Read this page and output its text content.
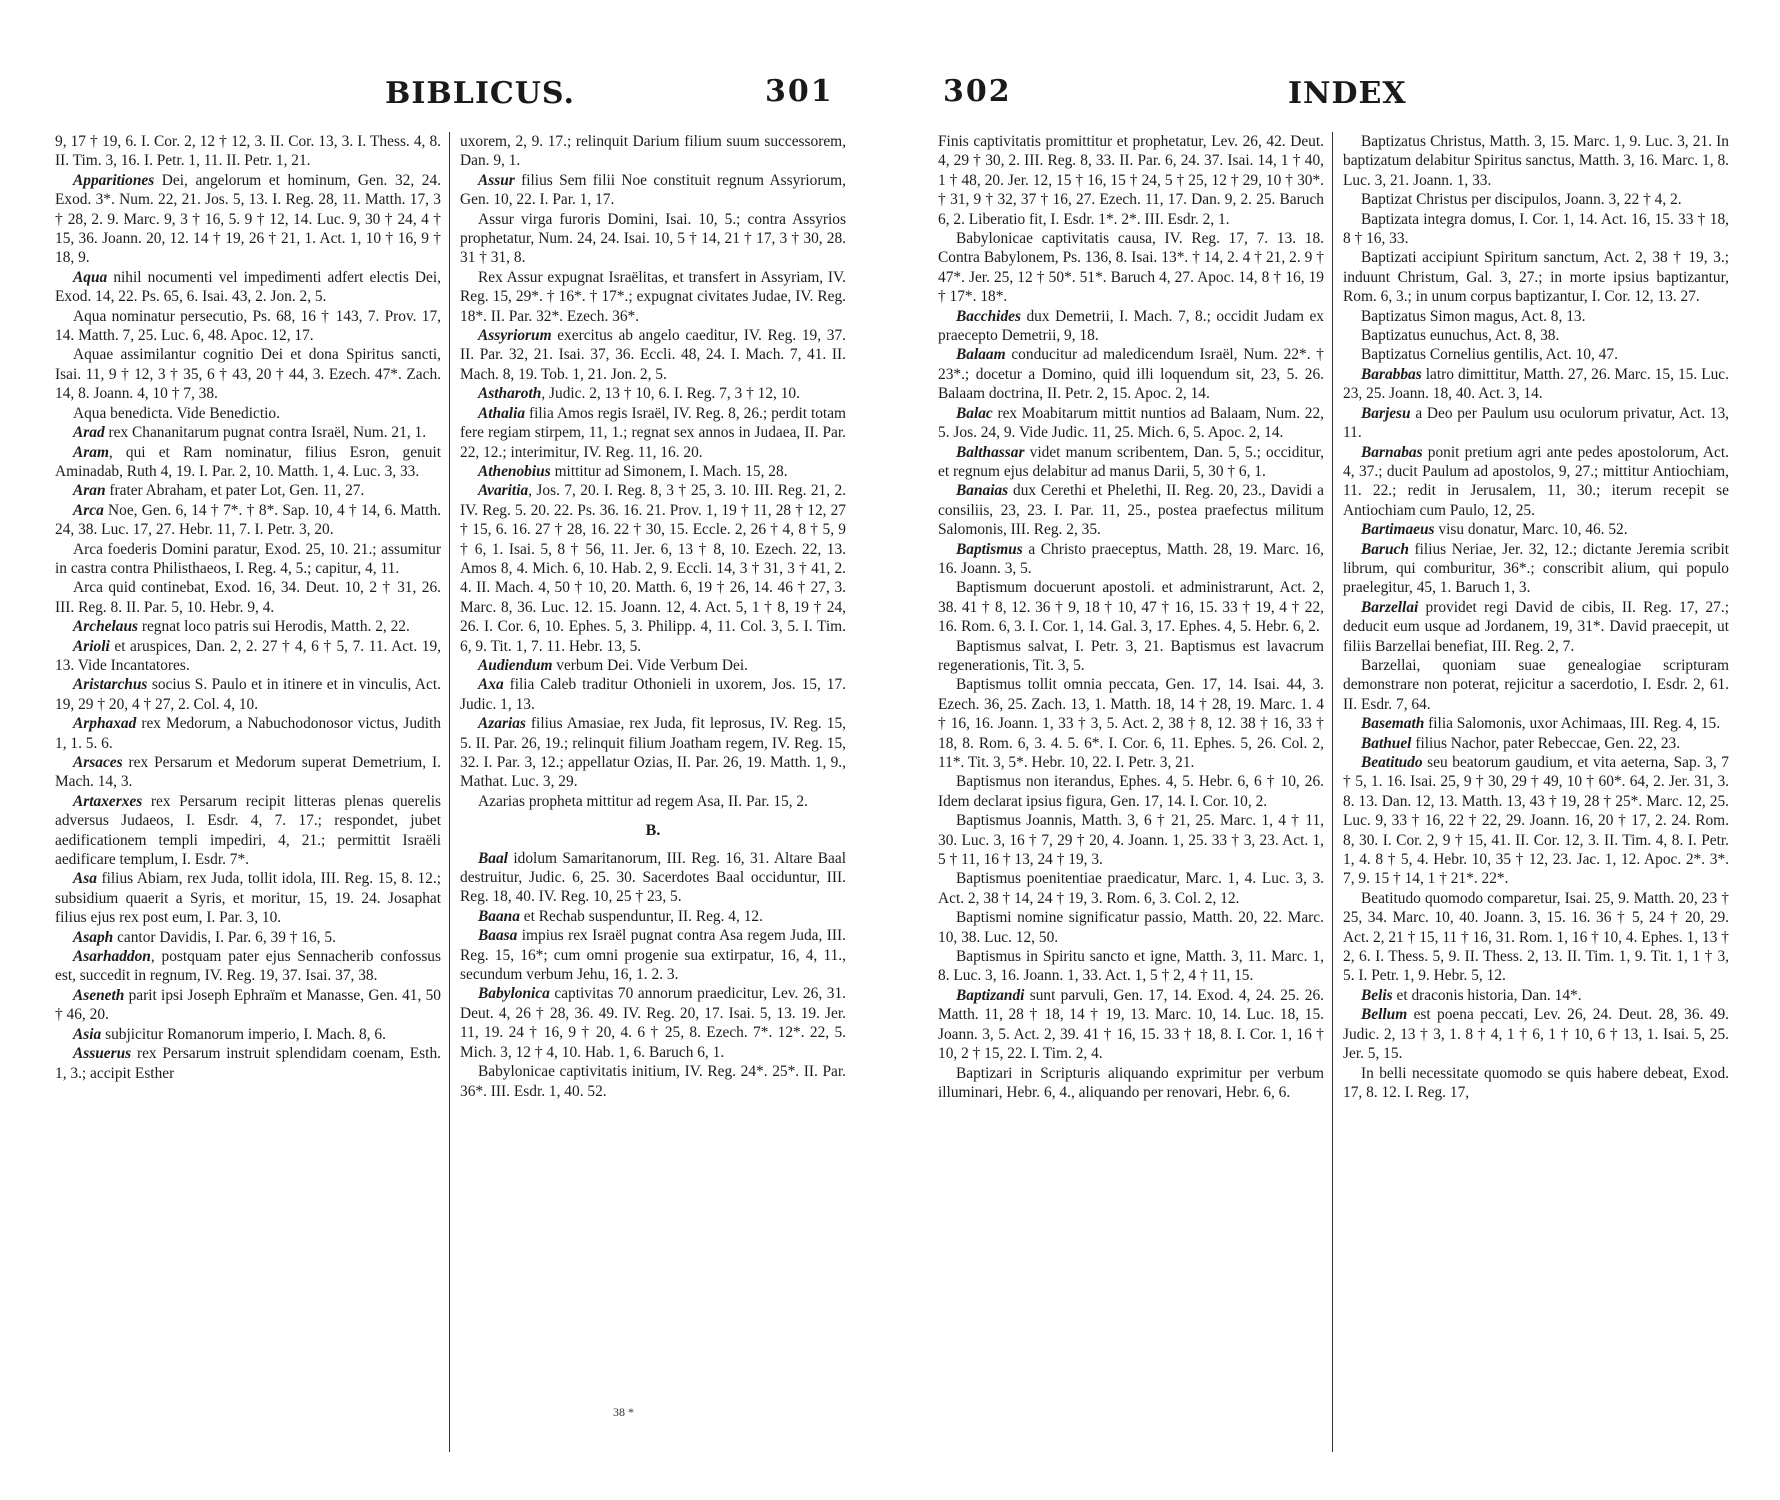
BIBLICUS.	301

9, 17 † 19, 6. I. Cor. 2, 12 † 12, 3. II. Cor. 13, 3. I. Thess. 4, 8. II. Tim. 3, 16. I. Petr. 1, 11. II. Petr. 1, 21.

Apparitiones Dei, angelorum et hominum, Gen. 32, 24. Exod. 3*. Num. 22, 21. Jos. 5, 13. I. Reg. 28, 11. Matth. 17, 3 † 28, 2. 9. Marc. 9, 3 † 16, 5. 9 † 12, 14. Luc. 9, 30 † 24, 4 † 15, 36. Joann. 20, 12. 14 † 19, 26 † 21, 1. Act. 1, 10 † 16, 9 † 18, 9.

Aqua nihil nocumenti vel impedimenti adfert electis Dei, Exod. 14, 22. Ps. 65, 6. Isai. 43, 2. Jon. 2, 5.

Aqua nominatur persecutio, Ps. 68, 16 † 143, 7. Prov. 17, 14. Matth. 7, 25. Luc. 6, 48. Apoc. 12, 17.

Aquae assimilantur cognitio Dei et dona Spiritus sancti, Isai. 11, 9 † 12, 3 † 35, 6 † 43, 20 † 44, 3. Ezech. 47*. Zach. 14, 8. Joann. 4, 10 † 7, 38.

Aqua benedicta. Vide Benedictio.

Arad rex Chananitarum pugnat contra Israël, Num. 21, 1.

Aram, qui et Ram nominatur, filius Esron, genuit Aminadab, Ruth 4, 19. I. Par. 2, 10. Matth. 1, 4. Luc. 3, 33.

Aran frater Abraham, et pater Lot, Gen. 11, 27.

Arca Noe, Gen. 6, 14 † 7*. † 8*. Sap. 10, 4 † 14, 6. Matth. 24, 38. Luc. 17, 27. Hebr. 11, 7. I. Petr. 3, 20.

Arca foederis Domini paratur, Exod. 25, 10. 21.; assumitur in castra contra Philisthaeos, I. Reg. 4, 5.; capitur, 4, 11.

Arca quid continebat, Exod. 16, 34. Deut. 10, 2 † 31, 26. III. Reg. 8. II. Par. 5, 10. Hebr. 9, 4.

Archelaus regnat loco patris sui Herodis, Matth. 2, 22.

Arioli et aruspices, Dan. 2, 2. 27 † 4, 6 † 5, 7. 11. Act. 19, 13. Vide Incantatores.

Aristarchus socius S. Paulo et in itinere et in vinculis, Act. 19, 29 † 20, 4 † 27, 2. Col. 4, 10.

Arphaxad rex Medorum, a Nabuchodonosor victus, Judith 1, 1. 5. 6.

Arsaces rex Persarum et Medorum superat Demetrium, I. Mach. 14, 3.

Artaxerxes rex Persarum recipit litteras plenas querelis adversus Judaeos, I. Esdr. 4, 7. 17.; respondet, jubet aedificationem templi impediri, 4, 21.; permittit Israëli aedificare templum, I. Esdr. 7*.

Asa filius Abiam, rex Juda, tollit idola, III. Reg. 15, 8. 12.; subsidium quaerit a Syris, et moritur, 15, 19. 24. Josaphat filius ejus rex post eum, I. Par. 3, 10.

Asaph cantor Davidis, I. Par. 6, 39 † 16, 5.

Asarhaddon, postquam pater ejus Sennacherib confossus est, succedit in regnum, IV. Reg. 19, 37. Isai. 37, 38.

Aseneth parit ipsi Joseph Ephraïm et Manasse, Gen. 41, 50 † 46, 20.

Asia subjicitur Romanorum imperio, I. Mach. 8, 6.

Assuerus rex Persarum instruit splendidam coenam, Esth. 1, 3.; accipit Esther

uxorem, 2, 9. 17.; relinquit Darium filium suum successorem, Dan. 9, 1.

Assur filius Sem filii Noe constituit regnum Assyriorum, Gen. 10, 22. I. Par. 1, 17.

Assur virga furoris Domini, Isai. 10, 5.; contra Assyrios prophetatur, Num. 24, 24. Isai. 10, 5 † 14, 21 † 17, 3 † 30, 28. 31 † 31, 8.

Rex Assur expugnat Israëlitas, et transfert in Assyriam, IV. Reg. 15, 29*. † 16*. † 17*.; expugnat civitates Judae, IV. Reg. 18*. II. Par. 32*. Ezech. 36*.

Assyriorum exercitus ab angelo caeditur, IV. Reg. 19, 37. II. Par. 32, 21. Isai. 37, 36. Eccli. 48, 24. I. Mach. 7, 41. II. Mach. 8, 19. Tob. 1, 21. Jon. 2, 5.

Astharoth, Judic. 2, 13 † 10, 6. I. Reg. 7, 3 † 12, 10.

Athalia filia Amos regis Israël, IV. Reg. 8, 26.; perdit totam fere regiam stirpem, 11, 1.; regnat sex annos in Judaea, II. Par. 22, 12.; interimitur, IV. Reg. 11, 16. 20.

Athenobius mittitur ad Simonem, I. Mach. 15, 28.

Avaritia, Jos. 7, 20. I. Reg. 8, 3 † 25, 3. 10. III. Reg. 21, 2. IV. Reg. 5. 20. 22. Ps. 36. 16. 21. Prov. 1, 19 † 11, 28 † 12, 27 † 15, 6. 16. 27 † 28, 16. 22 † 30, 15. Eccle. 2, 26 † 4, 8 † 5, 9 † 6, 1. Isai. 5, 8 † 56, 11. Jer. 6, 13 † 8, 10. Ezech. 22, 13. Amos 8, 4. Mich. 6, 10. Hab. 2, 9. Eccli. 14, 3 † 31, 3 † 41, 2. 4. II. Mach. 4, 50 † 10, 20. Matth. 6, 19 † 26, 14. 46 † 27, 3. Marc. 8, 36. Luc. 12. 15. Joann. 12, 4. Act. 5, 1 † 8, 19 † 24, 26. I. Cor. 6, 10. Ephes. 5, 3. Philipp. 4, 11. Col. 3, 5. I. Tim. 6, 9. Tit. 1, 7. 11. Hebr. 13, 5.

Audiendum verbum Dei. Vide Verbum Dei.

Axa filia Caleb traditur Othonieli in uxorem, Jos. 15, 17. Judic. 1, 13.

Azarias filius Amasiae, rex Juda, fit leprosus, IV. Reg. 15, 5. II. Par. 26, 19.; relinquit filium Joatham regem, IV. Reg. 15, 32. I. Par. 3, 12.; appellatur Ozias, II. Par. 26, 19. Matth. 1, 9., Mathat. Luc. 3, 29.

Azarias propheta mittitur ad regem Asa, II. Par. 15, 2.

B.

Baal idolum Samaritanorum, III. Reg. 16, 31. Altare Baal destruitur, Judic. 6, 25. 30. Sacerdotes Baal occiduntur, III. Reg. 18, 40. IV. Reg. 10, 25 † 23, 5.

Baana et Rechab suspenduntur, II. Reg. 4, 12.

Baasa impius rex Israël pugnat contra Asa regem Juda, III. Reg. 15, 16*; cum omni progenie sua extirpatur, 16, 4, 11., secundum verbum Jehu, 16, 1. 2. 3.

Babylonica captivitas 70 annorum praedicitur, Lev. 26, 31. Deut. 4, 26 † 28, 36. 49. IV. Reg. 20, 17. Isai. 5, 13. 19. Jer. 11, 19. 24 † 16, 9 † 20, 4. 6 † 25, 8. Ezech. 7*. 12*. 22, 5. Mich. 3, 12 † 4, 10. Hab. 1, 6. Baruch 6, 1.

Babylonicae captivitatis initium, IV. Reg. 24*. 25*. II. Par. 36*. III. Esdr. 1, 40. 52.

38 *
302	INDEX

Finis captivitatis promittitur et prophetatur, Lev. 26, 42. Deut. 4, 29 † 30, 2. III. Reg. 8, 33. II. Par. 6, 24. 37. Isai. 14, 1 † 40, 1 † 48, 20. Jer. 12, 15 † 16, 15 † 24, 5 † 25, 12 † 29, 10 † 30*. † 31, 9 † 32, 37 † 16, 27. Ezech. 11, 17. Dan. 9, 2. 25. Baruch 6, 2. Liberatio fit, I. Esdr. 1*. 2*. III. Esdr. 2, 1.

Babylonicae captivitatis causa, IV. Reg. 17, 7. 13. 18. Contra Babylonem, Ps. 136, 8. Isai. 13*. † 14, 2. 4 † 21, 2. 9 † 47*. Jer. 25, 12 † 50*. 51*. Baruch 4, 27. Apoc. 14, 8 † 16, 19 † 17*. 18*.

Bacchides dux Demetrii, I. Mach. 7, 8.; occidit Judam ex praecepto Demetrii, 9, 18.

Balaam conducitur ad maledicendum Israël, Num. 22*. † 23*.; docetur a Domino, quid illi loquendum sit, 23, 5. 26. Balaam doctrina, II. Petr. 2, 15. Apoc. 2, 14.

Balac rex Moabitarum mittit nuntios ad Balaam, Num. 22, 5. Jos. 24, 9. Vide Judic. 11, 25. Mich. 6, 5. Apoc. 2, 14.

Balthassar videt manum scribentem, Dan. 5, 5.; occiditur, et regnum ejus delabitur ad manus Darii, 5, 30 † 6, 1.

Banaias dux Cerethi et Phelethi, II. Reg. 20, 23., Davidi a consiliis, 23, 23. I. Par. 11, 25., postea praefectus militum Salomonis, III. Reg. 2, 35.

Baptismus a Christo praeceptus, Matth. 28, 19. Marc. 16, 16. Joann. 3, 5.

Baptismum docuerunt apostoli. et administrarunt, Act. 2, 38. 41 † 8, 12. 36 † 9, 18 † 10, 47 † 16, 15. 33 † 19, 4 † 22, 16. Rom. 6, 3. I. Cor. 1, 14. Gal. 3, 17. Ephes. 4, 5. Hebr. 6, 2.

Baptismus salvat, I. Petr. 3, 21. Baptismus est lavacrum regenerationis, Tit. 3, 5.

Baptismus tollit omnia peccata, Gen. 17, 14. Isai. 44, 3. Ezech. 36, 25. Zach. 13, 1. Matth. 18, 14 † 28, 19. Marc. 1. 4 † 16, 16. Joann. 1, 33 † 3, 5. Act. 2, 38 † 8, 12. 38 † 16, 33 † 18, 8. Rom. 6, 3. 4. 5. 6*. I. Cor. 6, 11. Ephes. 5, 26. Col. 2, 11*. Tit. 3, 5*. Hebr. 10, 22. I. Petr. 3, 21.

Baptismus non iterandus, Ephes. 4, 5. Hebr. 6, 6 † 10, 26. Idem declarat ipsius figura, Gen. 17, 14. I. Cor. 10, 2.

Baptismus Joannis, Matth. 3, 6 † 21, 25. Marc. 1, 4 † 11, 30. Luc. 3, 16 † 7, 29 † 20, 4. Joann. 1, 25. 33 † 3, 23. Act. 1, 5 † 11, 16 † 13, 24 † 19, 3.

Baptismus poenitentiae praedicatur, Marc. 1, 4. Luc. 3, 3. Act. 2, 38 † 14, 24 † 19, 3. Rom. 6, 3. Col. 2, 12.

Baptismi nomine significatur passio, Matth. 20, 22. Marc. 10, 38. Luc. 12, 50.

Baptismus in Spiritu sancto et igne, Matth. 3, 11. Marc. 1, 8. Luc. 3, 16. Joann. 1, 33. Act. 1, 5 † 2, 4 † 11, 15.

Baptizandi sunt parvuli, Gen. 17, 14. Exod. 4, 24. 25. 26. Matth. 11, 28 † 18, 14 † 19, 13. Marc. 10, 14. Luc. 18, 15. Joann. 3, 5. Act. 2, 39. 41 † 16, 15. 33 † 18, 8. I. Cor. 1, 16 † 10, 2 † 15, 22. I. Tim. 2, 4.

Baptizari in Scripturis aliquando exprimitur per verbum illuminari, Hebr. 6, 4., aliquando per renovari, Hebr. 6, 6.

Baptizatus Christus, Matth. 3, 15. Marc. 1, 9. Luc. 3, 21. In baptizatum delabitur Spiritus sanctus, Matth. 3, 16. Marc. 1, 8. Luc. 3, 21. Joann. 1, 33.

Baptizat Christus per discipulos, Joann. 3, 22 † 4, 2.

Baptizata integra domus, I. Cor. 1, 14. Act. 16, 15. 33 † 18, 8 † 16, 33.

Baptizati accipiunt Spiritum sanctum, Act. 2, 38 † 19, 3.; induunt Christum, Gal. 3, 27.; in morte ipsius baptizantur, Rom. 6, 3.; in unum corpus baptizantur, I. Cor. 12, 13. 27.

Baptizatus Simon magus, Act. 8, 13.

Baptizatus eunuchus, Act. 8, 38.

Baptizatus Cornelius gentilis, Act. 10, 47.

Barabbas latro dimittitur, Matth. 27, 26. Marc. 15, 15. Luc. 23, 25. Joann. 18, 40. Act. 3, 14.

Barjesu a Deo per Paulum usu oculorum privatur, Act. 13, 11.

Barnabas ponit pretium agri ante pedes apostolorum, Act. 4, 37.; ducit Paulum ad apostolos, 9, 27.; mittitur Antiochiam, 11. 22.; redit in Jerusalem, 11, 30.; iterum recepit se Antiochiam cum Paulo, 12, 25.

Bartimaeus visu donatur, Marc. 10, 46. 52.

Baruch filius Neriae, Jer. 32, 12.; dictante Jeremia scribit librum, qui comburitur, 36*.; conscribit alium, qui populo praelegitur, 45, 1. Baruch 1, 3.

Barzellai providet regi David de cibis, II. Reg. 17, 27.; deducit eum usque ad Jordanem, 19, 31*. David praecepit, ut filiis Barzellai benefiat, III. Reg. 2, 7.

Barzellai, quoniam suae genealogiae scripturam demonstrare non poterat, rejicitur a sacerdotio, I. Esdr. 2, 61. II. Esdr. 7, 64.

Basemath filia Salomonis, uxor Achimaas, III. Reg. 4, 15.

Bathuel filius Nachor, pater Rebeccae, Gen. 22, 23.

Beatitudo seu beatorum gaudium, et vita aeterna, Sap. 3, 7 † 5, 1. 16. Isai. 25, 9 † 30, 29 † 49, 10 † 60*. 64, 2. Jer. 31, 3. 8. 13. Dan. 12, 13. Matth. 13, 43 † 19, 28 † 25*. Marc. 12, 25. Luc. 9, 33 † 16, 22 † 22, 29. Joann. 16, 20 † 17, 2. 24. Rom. 8, 30. I. Cor. 2, 9 † 15, 41. II. Cor. 12, 3. II. Tim. 4, 8. I. Petr. 1, 4. 8 † 5, 4. Hebr. 10, 35 † 12, 23. Jac. 1, 12. Apoc. 2*. 3*. 7, 9. 15 † 14, 1 † 21*. 22*.

Beatitudo quomodo comparetur, Isai. 25, 9. Matth. 20, 23 † 25, 34. Marc. 10, 40. Joann. 3, 15. 16. 36 † 5, 24 † 20, 29. Act. 2, 21 † 15, 11 † 16, 31. Rom. 1, 16 † 10, 4. Ephes. 1, 13 † 2, 6. I. Thess. 5, 9. II. Thess. 2, 13. II. Tim. 1, 9. Tit. 1, 1 † 3, 5. I. Petr. 1, 9. Hebr. 5, 12.

Belis et draconis historia, Dan. 14*.

Bellum est poena peccati, Lev. 26, 24. Deut. 28, 36. 49. Judic. 2, 13 † 3, 1. 8 † 4, 1 † 6, 1 † 10, 6 † 13, 1. Isai. 5, 25. Jer. 5, 15.

In belli necessitate quomodo se quis habere debeat, Exod. 17, 8. 12. I. Reg. 17,
